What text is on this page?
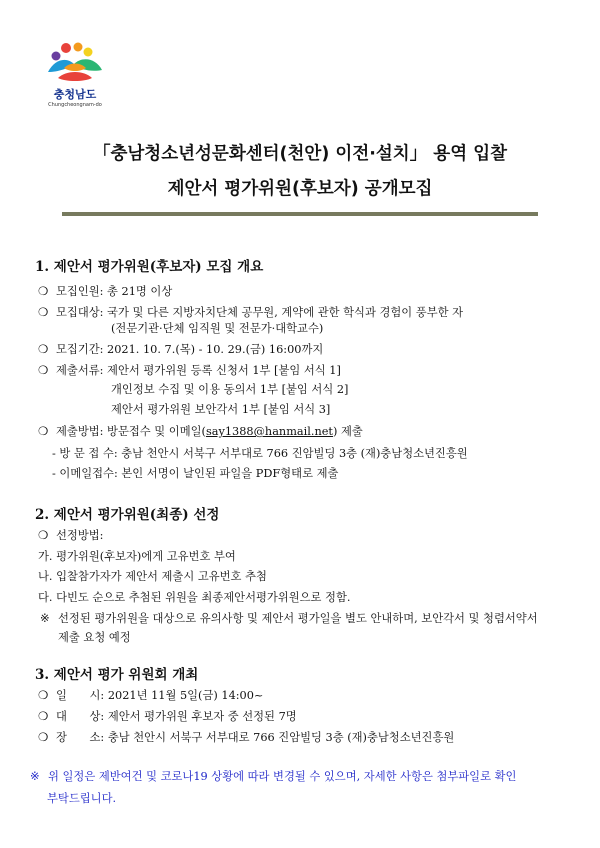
충청남도
Chungcheongnam-do
「충남청소년성문화센터(천안) 이전·설치」 용역 입찰
제안서 평가위원(후보자) 공개모집
1. 제안서 평가위원(후보자) 모집 개요
❍ 모집인원: 총 21명 이상
❍ 모집대상: 국가 및 다른 지방자치단체 공무원, 계약에 관한 학식과 경험이 풍부한 자
(전문기관·단체 임직원 및 전문가·대학교수)
❍ 모집기간: 2021. 10. 7.(목) - 10. 29.(금) 16:00까지
❍ 제출서류: 제안서 평가위원 등록 신청서 1부 [붙임 서식 1]
개인정보 수집 및 이용 동의서 1부 [붙임 서식 2]
제안서 평가위원 보안각서 1부 [붙임 서식 3]
❍ 제출방법: 방문접수 및 이메일(say1388@hanmail.net) 제출
- 방 문 접 수: 충남 천안시 서북구 서부대로 766 진암빌딩 3층 (재)충남청소년진흥원
- 이메일접수: 본인 서명이 날인된 파일을 PDF형태로 제출
2. 제안서 평가위원(최종) 선정
❍ 선정방법:
가. 평가위원(후보자)에게 고유번호 부여
나. 입찰참가자가 제안서 제출시 고유번호 추첨
다. 다빈도 순으로 추첨된 위원을 최종제안서평가위원으로 정함.
※ 선정된 평가위원을 대상으로 유의사항 및 제안서 평가일을 별도 안내하며, 보안각서 및 청렴서약서
제출 요청 예정
3. 제안서 평가 위원회 개최
❍ 일　　시: 2021년 11월 5일(금) 14:00~
❍ 대　　상: 제안서 평가위원 후보자 중 선정된 7명
❍ 장　　소: 충남 천안시 서북구 서부대로 766 진암빌딩 3층 (재)충남청소년진흥원
※ 위 일정은 제반여건 및 코로나19 상황에 따라 변경될 수 있으며, 자세한 사항은 첨부파일로 확인
부탁드립니다.
